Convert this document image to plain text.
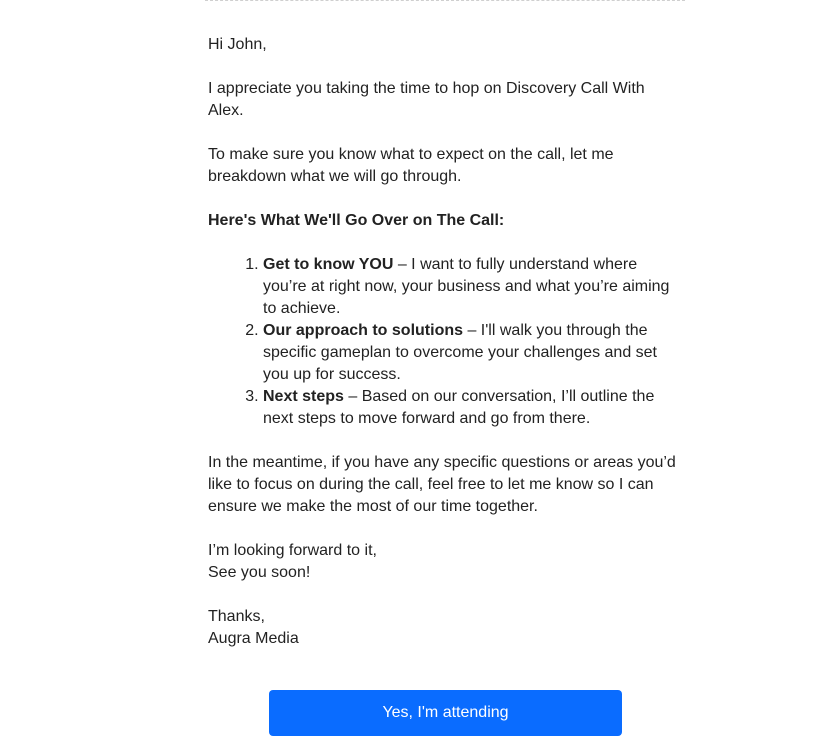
Hi John,

I appreciate you taking the time to hop on Discovery Call With Alex.

To make sure you know what to expect on the call, let me breakdown what we will go through.

Here's What We'll Go Over on The Call:

1. Get to know YOU – I want to fully understand where you’re at right now, your business and what you’re aiming to achieve.
2. Our approach to solutions – I'll walk you through the specific gameplan to overcome your challenges and set you up for success.
3. Next steps – Based on our conversation, I’ll outline the next steps to move forward and go from there.

In the meantime, if you have any specific questions or areas you’d like to focus on during the call, feel free to let me know so I can ensure we make the most of our time together.

I’m looking forward to it,
See you soon!

Thanks,
Augra Media

Yes, I'm attending
